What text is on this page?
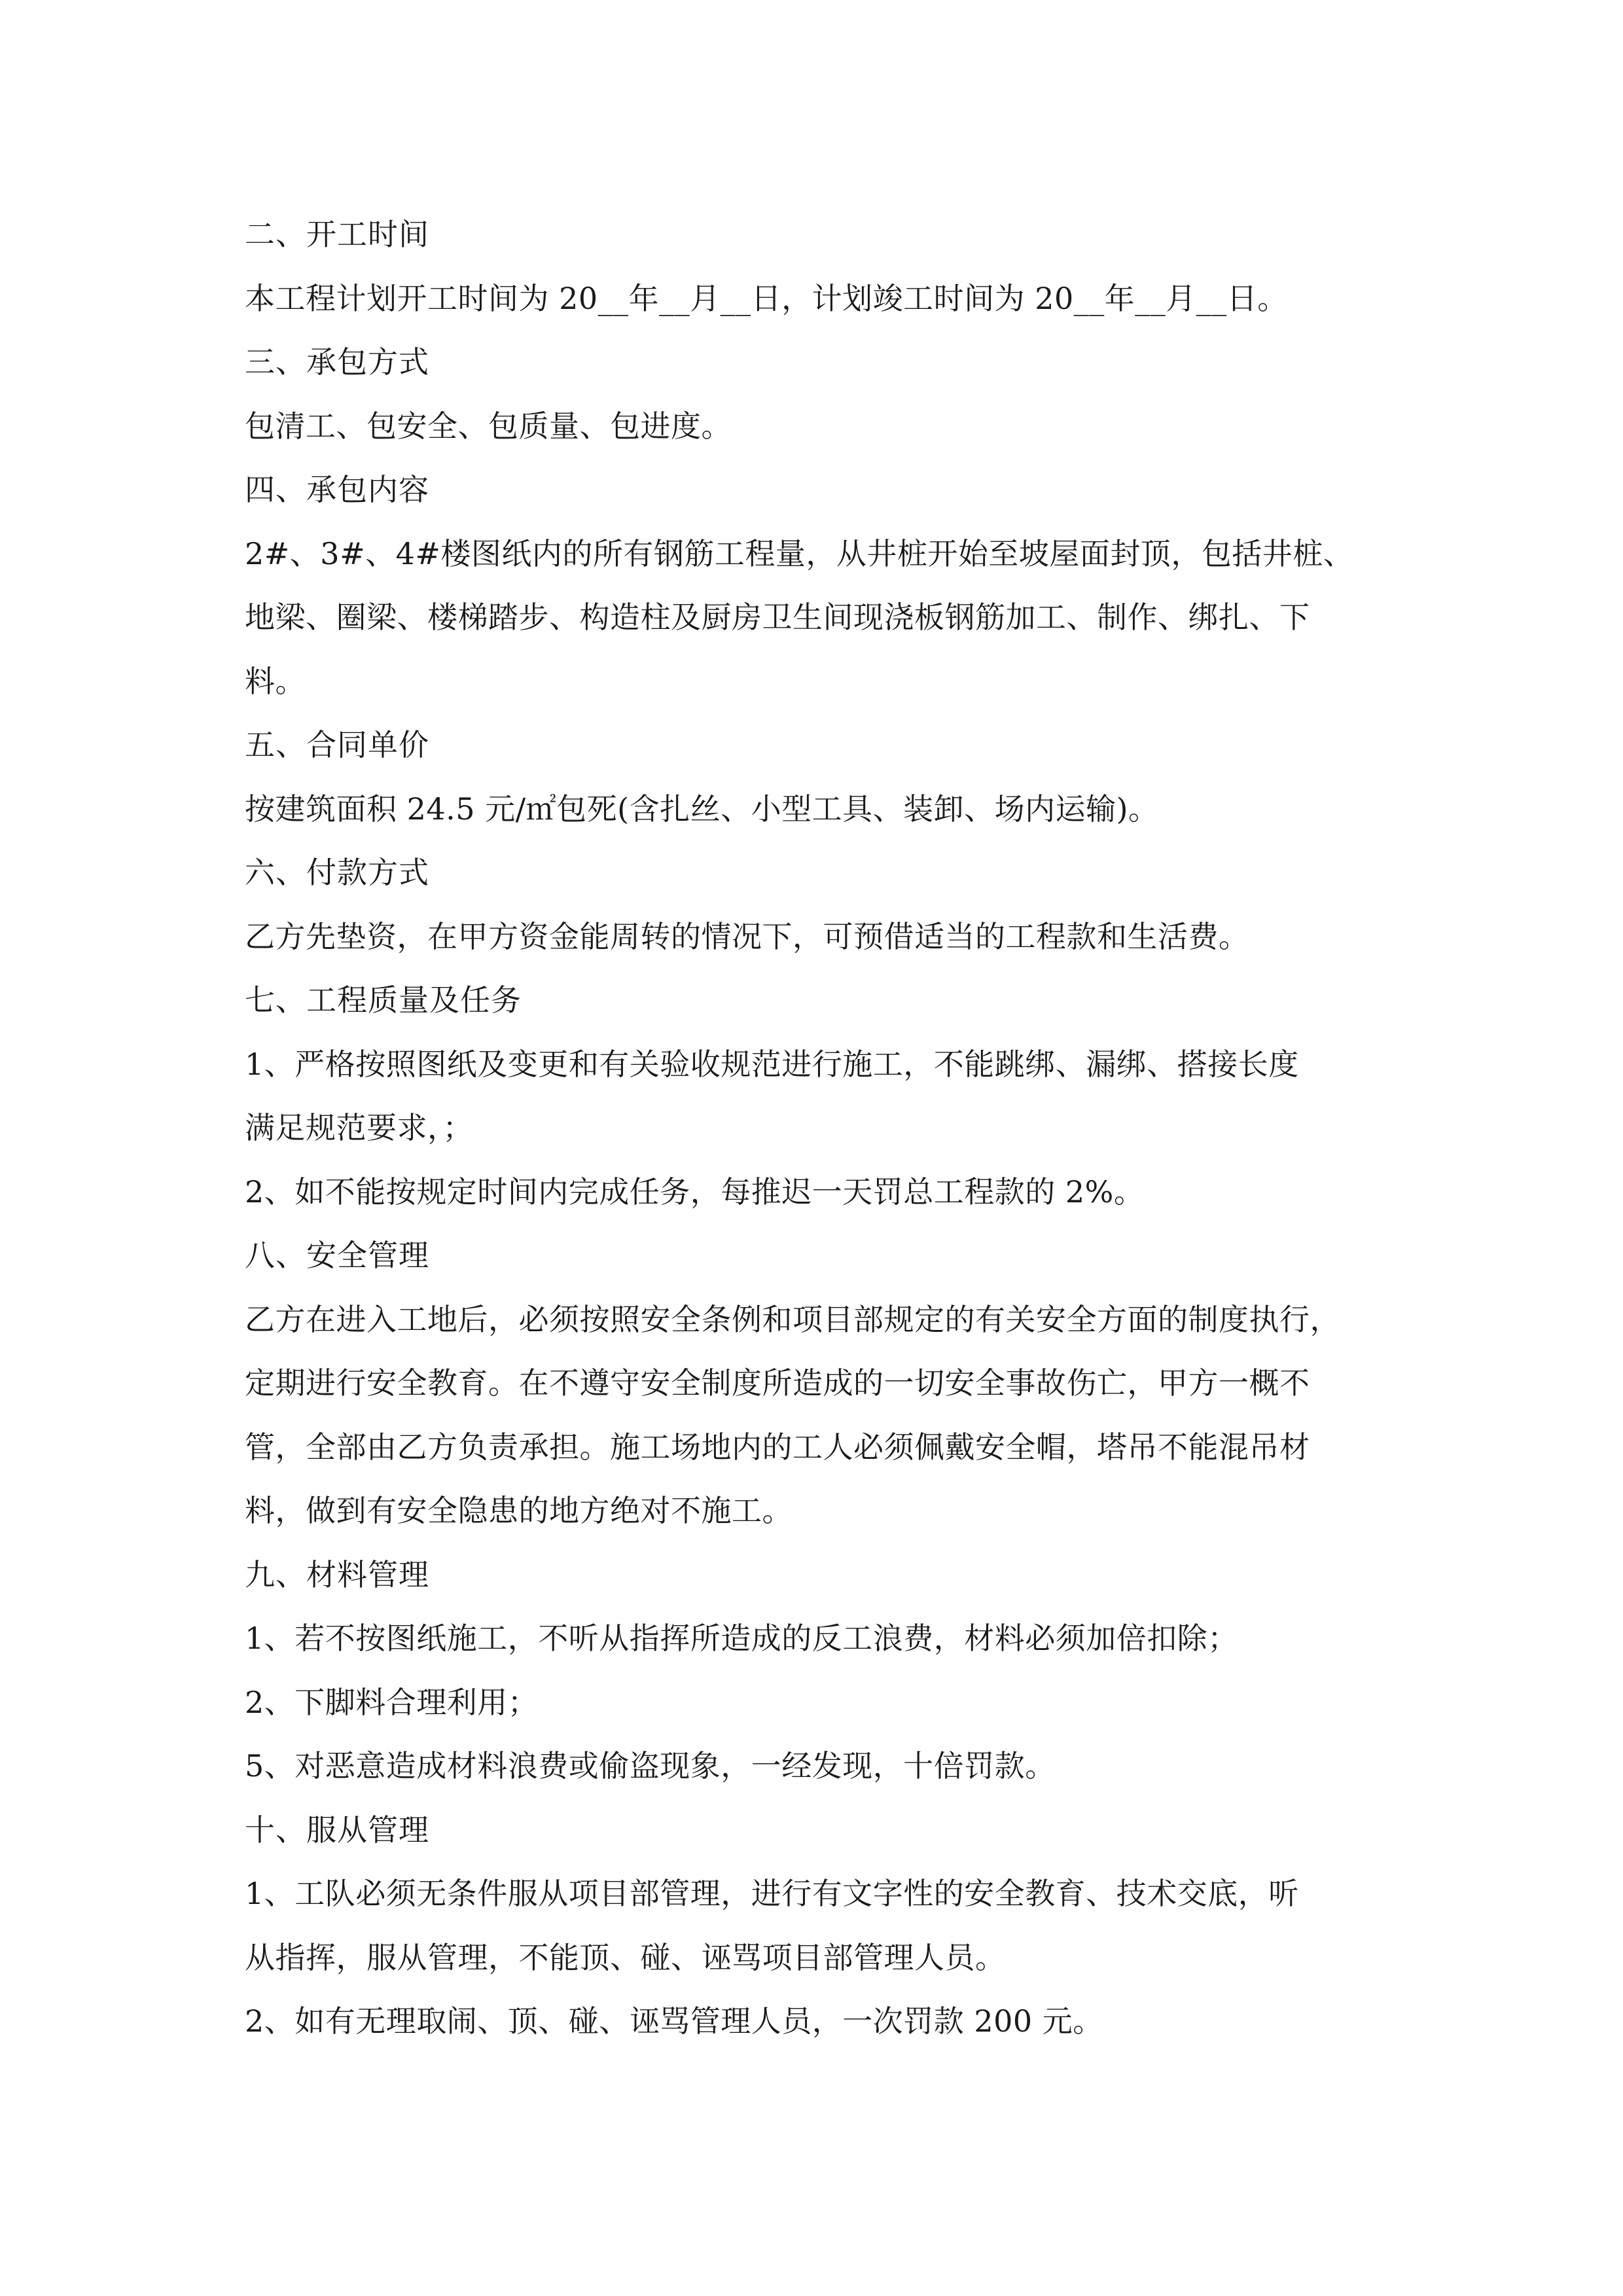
二、开工时间
本工程计划开工时间为 20__年__月__日，计划竣工时间为 20__年__月__日。
三、承包方式
包清工、包安全、包质量、包进度。
四、承包内容
2#、3#、4#楼图纸内的所有钢筋工程量，从井桩开始至坡屋面封顶，包括井桩、
地梁、圈梁、楼梯踏步、构造柱及厨房卫生间现浇板钢筋加工、制作、绑扎、下
料。
五、合同单价
按建筑面积 24.5 元/㎡包死(含扎丝、小型工具、装卸、场内运输)。
六、付款方式
乙方先垫资，在甲方资金能周转的情况下，可预借适当的工程款和生活费。
七、工程质量及任务
1、严格按照图纸及变更和有关验收规范进行施工，不能跳绑、漏绑、搭接长度
满足规范要求，；
2、如不能按规定时间内完成任务，每推迟一天罚总工程款的 2%。
八、安全管理
乙方在进入工地后，必须按照安全条例和项目部规定的有关安全方面的制度执行，
定期进行安全教育。在不遵守安全制度所造成的一切安全事故伤亡，甲方一概不
管，全部由乙方负责承担。施工场地内的工人必须佩戴安全帽，塔吊不能混吊材
料，做到有安全隐患的地方绝对不施工。
九、材料管理
1、若不按图纸施工，不听从指挥所造成的反工浪费，材料必须加倍扣除；
2、下脚料合理利用；
5、对恶意造成材料浪费或偷盗现象，一经发现，十倍罚款。
十、服从管理
1、工队必须无条件服从项目部管理，进行有文字性的安全教育、技术交底，听
从指挥，服从管理，不能顶、碰、诬骂项目部管理人员。
2、如有无理取闹、顶、碰、诬骂管理人员，一次罚款 200 元。
